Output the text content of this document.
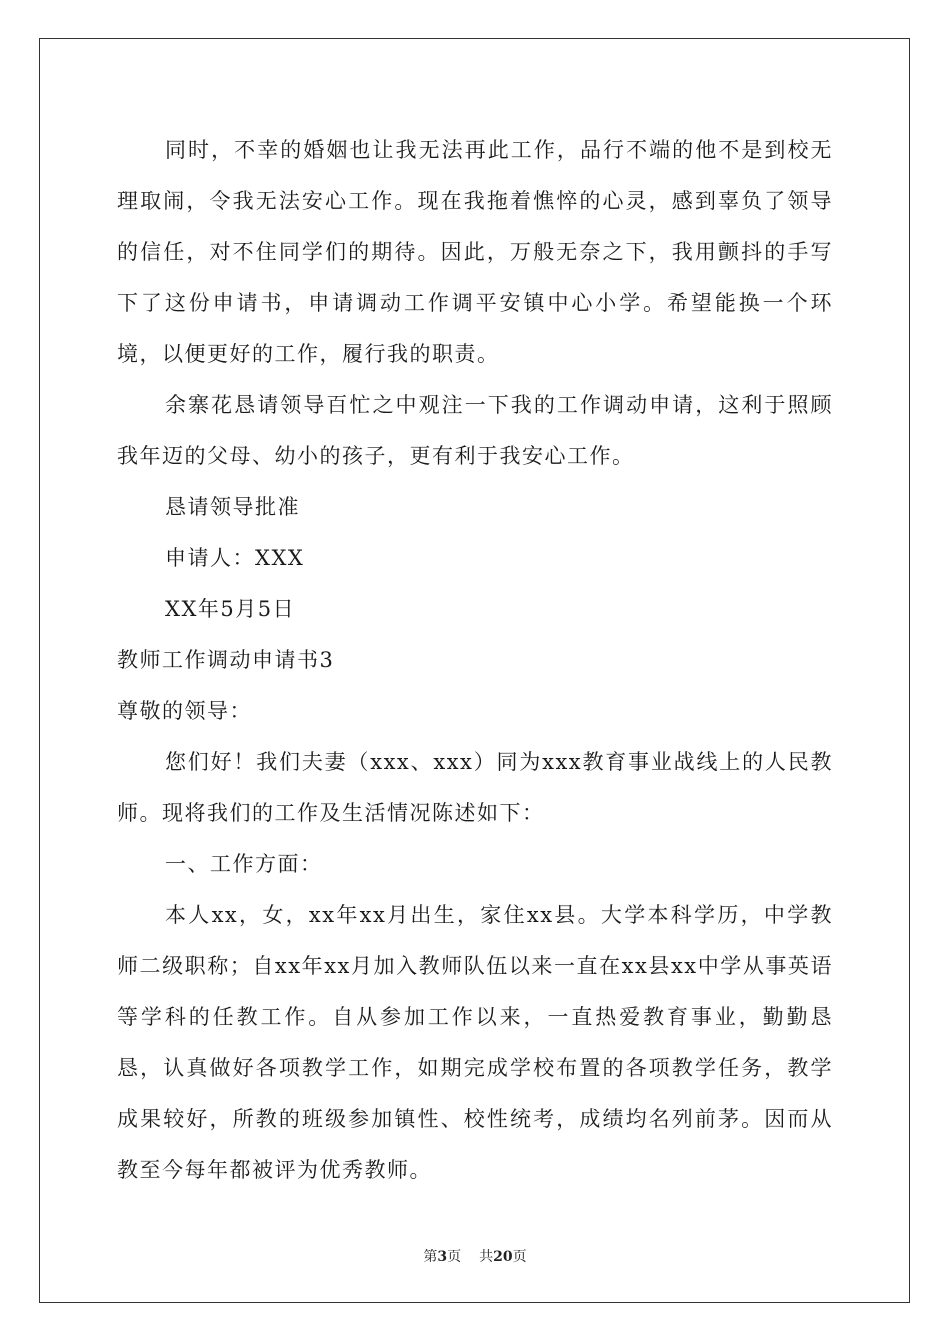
同时，不幸的婚姻也让我无法再此工作，品行不端的他不是到校无理取闹，令我无法安心工作。现在我拖着憔悴的心灵，感到辜负了领导的信任，对不住同学们的期待。因此，万般无奈之下，我用颤抖的手写下了这份申请书，申请调动工作调平安镇中心小学。希望能换一个环境，以便更好的工作，履行我的职责。

余寨花恳请领导百忙之中观注一下我的工作调动申请，这利于照顾我年迈的父母、幼小的孩子，更有利于我安心工作。

恳请领导批准

申请人：XXX

XX年5月5日

教师工作调动申请书3

尊敬的领导：

您们好！我们夫妻（xxx、xxx）同为xxx教育事业战线上的人民教师。现将我们的工作及生活情况陈述如下：

一、工作方面：

本人xx，女，xx年xx月出生，家住xx县。大学本科学历，中学教师二级职称；自xx年xx月加入教师队伍以来一直在xx县xx中学从事英语等学科的任教工作。自从参加工作以来，一直热爱教育事业，勤勤恳恳，认真做好各项教学工作，如期完成学校布置的各项教学任务，教学成果较好，所教的班级参加镇性、校性统考，成绩均名列前茅。因而从教至今每年都被评为优秀教师。

第3页 共20页
